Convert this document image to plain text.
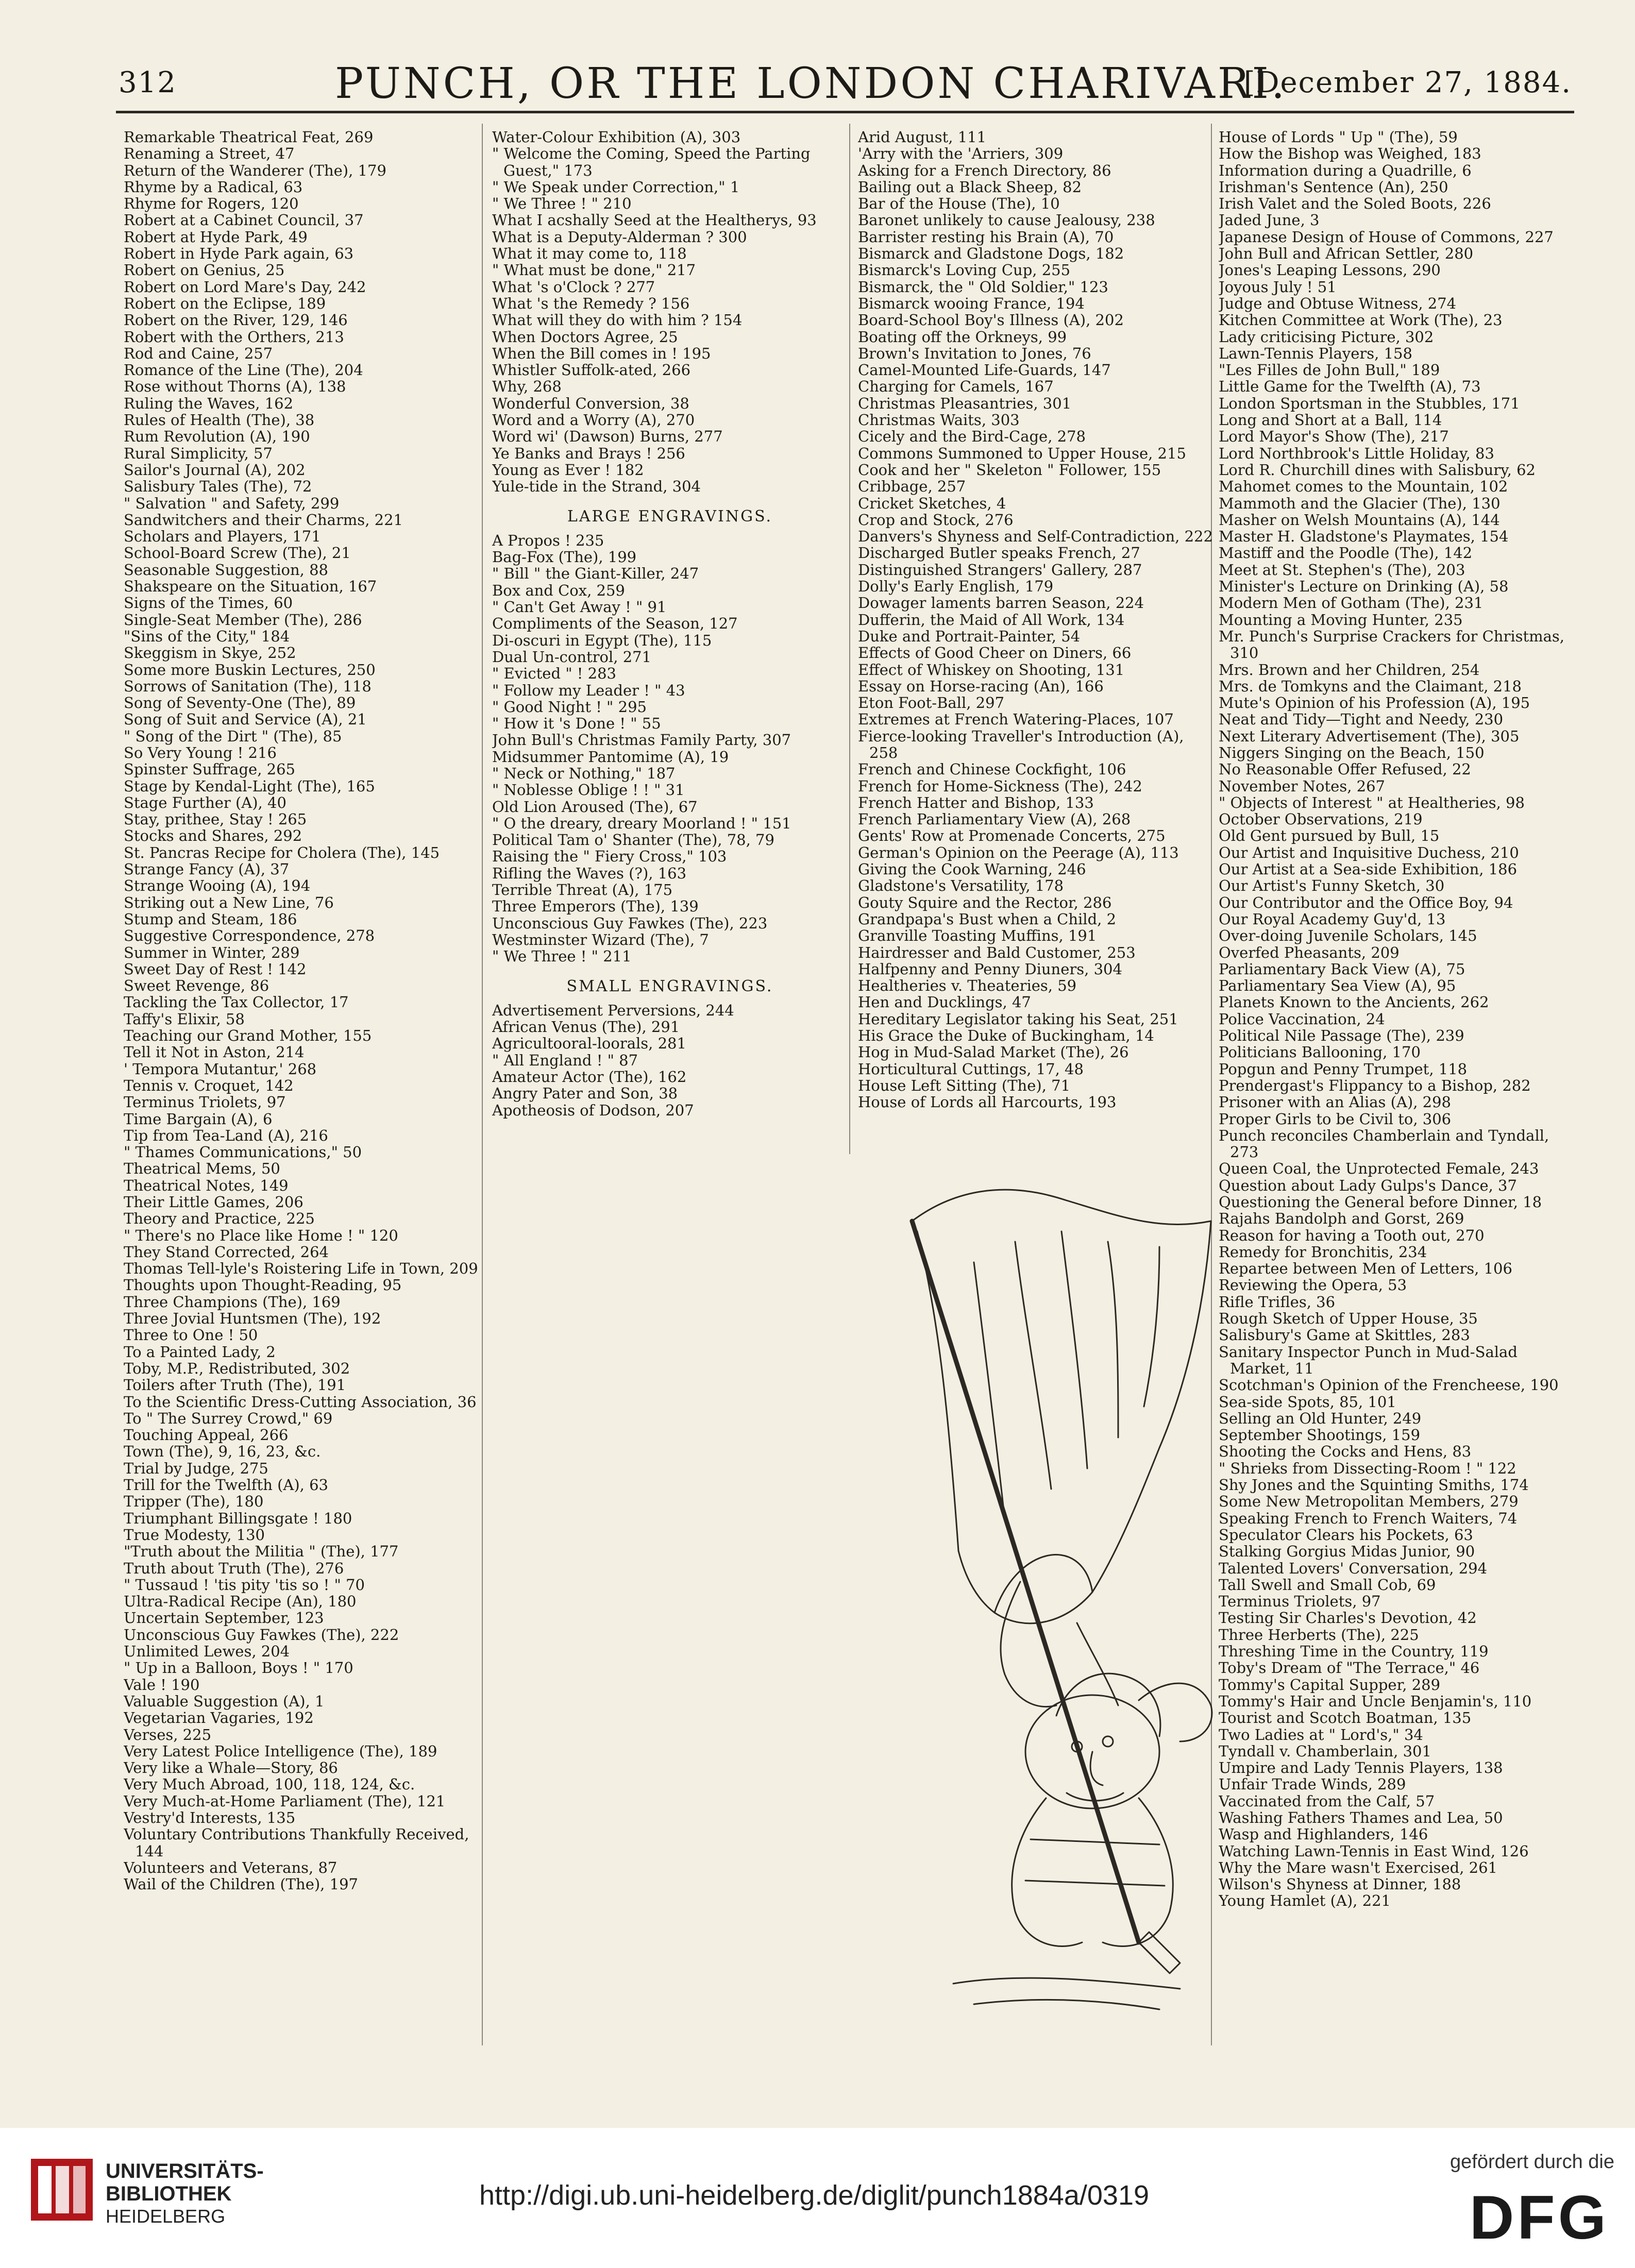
312	PUNCH, OR THE LONDON CHARIVARI.
[December 27, 1884.
Remarkable Theatrical Feat, 269
Renaming a Street, 47
Return of the Wanderer (The), 179
Rhyme by a Radical, 63
Rhyme for Rogers, 120
Robert at a Cabinet Council, 37
Robert at Hyde Park, 49
Robert in Hyde Park again, 63
Robert on Genius, 25
Robert on Lord Mare's Day, 242
Robert on the Eclipse, 189
Robert on the River, 129, 146
Robert with the Orthers, 213
Rod and Caine, 257
Romance of the Line (The), 204
Rose without Thorns (A), 138
Ruling the Waves, 162
Rules of Health (The), 38
Rum Revolution (A), 190
Rural Simplicity, 57
Sailor's Journal (A), 202
Salisbury Tales (The), 72
" Salvation " and Safety, 299
Sandwitchers and their Charms, 221
Scholars and Players, 171
School-Board Screw (The), 21
Seasonable Suggestion, 88
Shakspeare on the Situation, 167
Signs of the Times, 60
Single-Seat Member (The), 286
"Sins of the City," 184
Skeggism in Skye, 252
Some more Buskin Lectures, 250
Sorrows of Sanitation (The), 118
Song of Seventy-One (The), 89
Song of Suit and Service (A), 21
" Song of the Dirt " (The), 85
So Very Young ! 216
Spinster Suffrage, 265
Stage by Kendal-Light (The), 165
Stage Further (A), 40
Stay, prithee, Stay ! 265
Stocks and Shares, 292
St. Pancras Recipe for Cholera (The), 145
Strange Fancy (A), 37
Strange Wooing (A), 194
Striking out a New Line, 76
Stump and Steam, 186
Suggestive Correspondence, 278
Summer in Winter, 289
Sweet Day of Rest ! 142
Sweet Revenge, 86
Tackling the Tax Collector, 17
Taffy's Elixir, 58
Teaching our Grand Mother, 155
Tell it Not in Aston, 214
' Tempora Mutantur,' 268
Tennis v. Croquet, 142
Terminus Triolets, 97
Time Bargain (A), 6
Tip from Tea-Land (A), 216
" Thames Communications," 50
Theatrical Mems, 50
Theatrical Notes, 149
Their Little Games, 206
Theory and Practice, 225
" There's no Place like Home ! " 120
They Stand Corrected, 264
Thomas Tell-lyle's Roistering Life in Town, 209
Thoughts upon Thought-Reading, 95
Three Champions (The), 169
Three Jovial Huntsmen (The), 192
Three to One ! 50
To a Painted Lady, 2
Toby, M.P., Redistributed, 302
Toilers after Truth (The), 191
To the Scientific Dress-Cutting Association, 36
To " The Surrey Crowd," 69
Touching Appeal, 266
Town (The), 9, 16, 23, &c.
Trial by Judge, 275
Trill for the Twelfth (A), 63
Tripper (The), 180
Triumphant Billingsgate ! 180
True Modesty, 130
"Truth about the Militia " (The), 177
Truth about Truth (The), 276
" Tussaud ! 'tis pity 'tis so ! " 70
Ultra-Radical Recipe (An), 180
Uncertain September, 123
Unconscious Guy Fawkes (The), 222
Unlimited Lewes, 204
" Up in a Balloon, Boys ! " 170
Vale ! 190
Valuable Suggestion (A), 1
Vegetarian Vagaries, 192
Verses, 225
Very Latest Police Intelligence (The), 189
Very like a Whale—Story, 86
Very Much Abroad, 100, 118, 124, &c.
Very Much-at-Home Parliament (The), 121
Vestry'd Interests, 135
Voluntary Contributions Thankfully Received, 144
Volunteers and Veterans, 87
Wail of the Children (The), 197
Water-Colour Exhibition (A), 303
" Welcome the Coming, Speed the Parting Guest," 173
" We Speak under Correction," 1
" We Three ! " 210
What I acshally Seed at the Healtherys, 93
What is a Deputy-Alderman ? 300
What it may come to, 118
" What must be done," 217
What 's o'Clock ? 277
What 's the Remedy ? 156
What will they do with him ? 154
When Doctors Agree, 25
When the Bill comes in ! 195
Whistler Suffolk-ated, 266
Why, 268
Wonderful Conversion, 38
Word and a Worry (A), 270
Word wi' (Dawson) Burns, 277
Ye Banks and Brays ! 256
Young as Ever ! 182
Yule-tide in the Strand, 304
LARGE ENGRAVINGS.
A Propos ! 235
Bag-Fox (The), 199
" Bill " the Giant-Killer, 247
Box and Cox, 259
" Can't Get Away ! " 91
Compliments of the Season, 127
Di-oscuri in Egypt (The), 115
Dual Un-control, 271
" Evicted " ! 283
" Follow my Leader ! " 43
" Good Night ! " 295
" How it 's Done ! " 55
John Bull's Christmas Family Party, 307
Midsummer Pantomime (A), 19
" Neck or Nothing," 187
" Noblesse Oblige ! ! " 31
Old Lion Aroused (The), 67
" O the dreary, dreary Moorland ! " 151
Political Tam o' Shanter (The), 78, 79
Raising the " Fiery Cross," 103
Rifling the Waves (?), 163
Terrible Threat (A), 175
Three Emperors (The), 139
Unconscious Guy Fawkes (The), 223
Westminster Wizard (The), 7
" We Three ! " 211
SMALL ENGRAVINGS.
Advertisement Perversions, 244
African Venus (The), 291
Agricultooral-loorals, 281
" All England ! " 87
Amateur Actor (The), 162
Angry Pater and Son, 38
Apotheosis of Dodson, 207
Arid August, 111
'Arry with the 'Arriers, 309
Asking for a French Directory, 86
Bailing out a Black Sheep, 82
Bar of the House (The), 10
Baronet unlikely to cause Jealousy, 238
Barrister resting his Brain (A), 70
Bismarck and Gladstone Dogs, 182
Bismarck's Loving Cup, 255
Bismarck, the " Old Soldier," 123
Bismarck wooing France, 194
Board-School Boy's Illness (A), 202
Boating off the Orkneys, 99
Brown's Invitation to Jones, 76
Camel-Mounted Life-Guards, 147
Charging for Camels, 167
Christmas Pleasantries, 301
Christmas Waits, 303
Cicely and the Bird-Cage, 278
Commons Summoned to Upper House, 215
Cook and her " Skeleton " Follower, 155
Cribbage, 257
Cricket Sketches, 4
Crop and Stock, 276
Danvers's Shyness and Self-Contradiction, 222
Discharged Butler speaks French, 27
Distinguished Strangers' Gallery, 287
Dolly's Early English, 179
Dowager laments barren Season, 224
Dufferin, the Maid of All Work, 134
Duke and Portrait-Painter, 54
Effects of Good Cheer on Diners, 66
Effect of Whiskey on Shooting, 131
Essay on Horse-racing (An), 166
Eton Foot-Ball, 297
Extremes at French Watering-Places, 107
Fierce-looking Traveller's Introduction (A), 258
French and Chinese Cockfight, 106
French for Home-Sickness (The), 242
French Hatter and Bishop, 133
French Parliamentary View (A), 268
Gents' Row at Promenade Concerts, 275
German's Opinion on the Peerage (A), 113
Giving the Cook Warning, 246
Gladstone's Versatility, 178
Gouty Squire and the Rector, 286
Grandpapa's Bust when a Child, 2
Granville Toasting Muffins, 191
Hairdresser and Bald Customer, 253
Halfpenny and Penny Diuners, 304
Healtheries v. Theateries, 59
Hen and Ducklings, 47
Hereditary Legislator taking his Seat, 251
His Grace the Duke of Buckingham, 14
Hog in Mud-Salad Market (The), 26
Horticultural Cuttings, 17, 48
House Left Sitting (The), 71
House of Lords all Harcourts, 193
House of Lords " Up " (The), 59
How the Bishop was Weighed, 183
Information during a Quadrille, 6
Irishman's Sentence (An), 250
Irish Valet and the Soled Boots, 226
Jaded June, 3
Japanese Design of House of Commons, 227
John Bull and African Settler, 280
Jones's Leaping Lessons, 290
Joyous July ! 51
Judge and Obtuse Witness, 274
Kitchen Committee at Work (The), 23
Lady criticising Picture, 302
Lawn-Tennis Players, 158
"Les Filles de John Bull," 189
Little Game for the Twelfth (A), 73
London Sportsman in the Stubbles, 171
Long and Short at a Ball, 114
Lord Mayor's Show (The), 217
Lord Northbrook's Little Holiday, 83
Lord R. Churchill dines with Salisbury, 62
Mahomet comes to the Mountain, 102
Mammoth and the Glacier (The), 130
Masher on Welsh Mountains (A), 144
Master H. Gladstone's Playmates, 154
Mastiff and the Poodle (The), 142
Meet at St. Stephen's (The), 203
Minister's Lecture on Drinking (A), 58
Modern Men of Gotham (The), 231
Mounting a Moving Hunter, 235
Mr. Punch's Surprise Crackers for Christmas, 310
Mrs. Brown and her Children, 254
Mrs. de Tomkyns and the Claimant, 218
Mute's Opinion of his Profession (A), 195
Neat and Tidy—Tight and Needy, 230
Next Literary Advertisement (The), 305
Niggers Singing on the Beach, 150
No Reasonable Offer Refused, 22
November Notes, 267
" Objects of Interest " at Healtheries, 98
October Observations, 219
Old Gent pursued by Bull, 15
Our Artist and Inquisitive Duchess, 210
Our Artist at a Sea-side Exhibition, 186
Our Artist's Funny Sketch, 30
Our Contributor and the Office Boy, 94
Our Royal Academy Guy'd, 13
Over-doing Juvenile Scholars, 145
Overfed Pheasants, 209
Parliamentary Back View (A), 75
Parliamentary Sea View (A), 95
Planets Known to the Ancients, 262
Police Vaccination, 24
Political Nile Passage (The), 239
Politicians Ballooning, 170
Popgun and Penny Trumpet, 118
Prendergast's Flippancy to a Bishop, 282
Prisoner with an Alias (A), 298
Proper Girls to be Civil to, 306
Punch reconciles Chamberlain and Tyndall, 273
Queen Coal, the Unprotected Female, 243
Question about Lady Gulps's Dance, 37
Questioning the General before Dinner, 18
Rajahs Bandolph and Gorst, 269
Reason for having a Tooth out, 270
Remedy for Bronchitis, 234
Repartee between Men of Letters, 106
Reviewing the Opera, 53
Rifle Trifles, 36
Rough Sketch of Upper House, 35
Salisbury's Game at Skittles, 283
Sanitary Inspector Punch in Mud-Salad Market, 11
Scotchman's Opinion of the Frencheese, 190
Sea-side Spots, 85, 101
Selling an Old Hunter, 249
September Shootings, 159
Shooting the Cocks and Hens, 83
" Shrieks from Dissecting-Room ! " 122
Shy Jones and the Squinting Smiths, 174
Some New Metropolitan Members, 279
Speaking French to French Waiters, 74
Speculator Clears his Pockets, 63
Stalking Gorgius Midas Junior, 90
Talented Lovers' Conversation, 294
Tall Swell and Small Cob, 69
Terminus Triolets, 97
Testing Sir Charles's Devotion, 42
Three Herberts (The), 225
Threshing Time in the Country, 119
Toby's Dream of "The Terrace," 46
Tommy's Capital Supper, 289
Tommy's Hair and Uncle Benjamin's, 110
Tourist and Scotch Boatman, 135
Two Ladies at " Lord's," 34
Tyndall v. Chamberlain, 301
Umpire and Lady Tennis Players, 138
Unfair Trade Winds, 289
Vaccinated from the Calf, 57
Washing Fathers Thames and Lea, 50
Wasp and Highlanders, 146
Watching Lawn-Tennis in East Wind, 126
Why the Mare wasn't Exercised, 261
Wilson's Shyness at Dinner, 188
Young Hamlet (A), 221
UNIVERSITÄTS-
BIBLIOTHEK
HEIDELBERG
http://digi.ub.uni-heidelberg.de/diglit/punch1884a/0319
gefördert durch die
DFG
